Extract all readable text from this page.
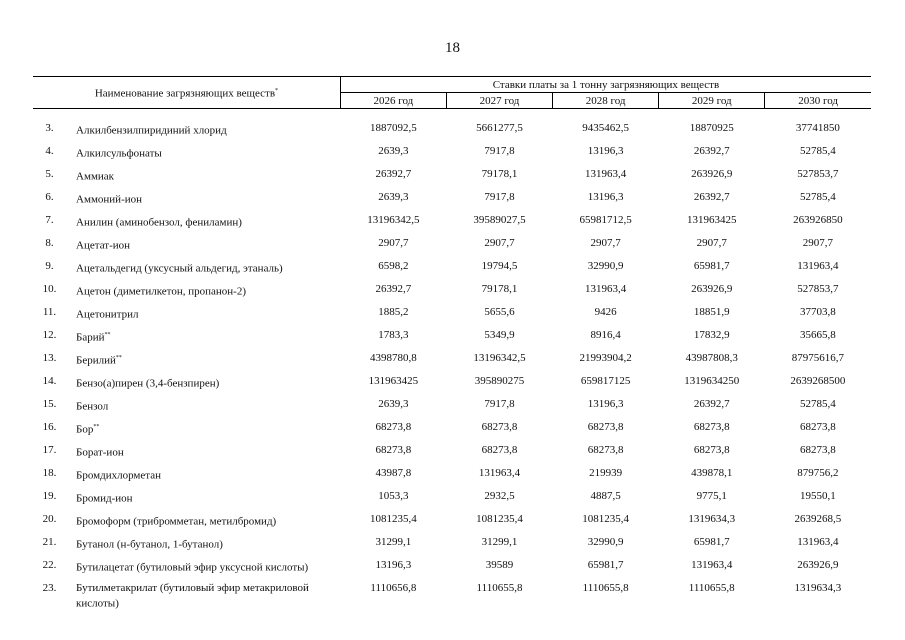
18
Наименование загрязняющих веществ*		Ставки платы за 1 тонну загрязняющих веществ				
		2026 год	2027 год	2028 год	2029 год	2030 год

3.	Алкилбензилпиридиний хлорид	1887092,5	5661277,5	9435462,5	18870925	37741850
4.	Алкилсульфонаты	2639,3	7917,8	13196,3	26392,7	52785,4
5.	Аммиак	26392,7	79178,1	131963,4	263926,9	527853,7
6.	Аммоний-ион	2639,3	7917,8	13196,3	26392,7	52785,4
7.	Анилин (аминобензол, фениламин)	13196342,5	39589027,5	65981712,5	131963425	263926850
8.	Ацетат-ион	2907,7	2907,7	2907,7	2907,7	2907,7
9.	Ацетальдегид (уксусный альдегид, этаналь)	6598,2	19794,5	32990,9	65981,7	131963,4
10.	Ацетон (диметилкетон, пропанон-2)	26392,7	79178,1	131963,4	263926,9	527853,7
11.	Ацетонитрил	1885,2	5655,6	9426	18851,9	37703,8
12.	Барий**	1783,3	5349,9	8916,4	17832,9	35665,8
13.	Берилий**	4398780,8	13196342,5	21993904,2	43987808,3	87975616,7
14.	Бензо(а)пирен (3,4-бензпирен)	131963425	395890275	659817125	1319634250	2639268500
15.	Бензол	2639,3	7917,8	13196,3	26392,7	52785,4
16.	Бор**	68273,8	68273,8	68273,8	68273,8	68273,8
17.	Борат-ион	68273,8	68273,8	68273,8	68273,8	68273,8
18.	Бромдихлорметан	43987,8	131963,4	219939	439878,1	879756,2
19.	Бромид-ион	1053,3	2932,5	4887,5	9775,1	19550,1
20.	Бромоформ (трибромметан, метилбромид)	1081235,4	1081235,4	1081235,4	1319634,3	2639268,5
21.	Бутанол (н-бутанол, 1-бутанол)	31299,1	31299,1	32990,9	65981,7	131963,4
22.	Бутилацетат (бутиловый эфир уксусной кислоты)	13196,3	39589	65981,7	131963,4	263926,9
23.	Бутилметакрилат (бутиловый эфир метакриловой кислоты)	1110656,8	1110655,8	1110655,8	1110655,8	1319634,3
